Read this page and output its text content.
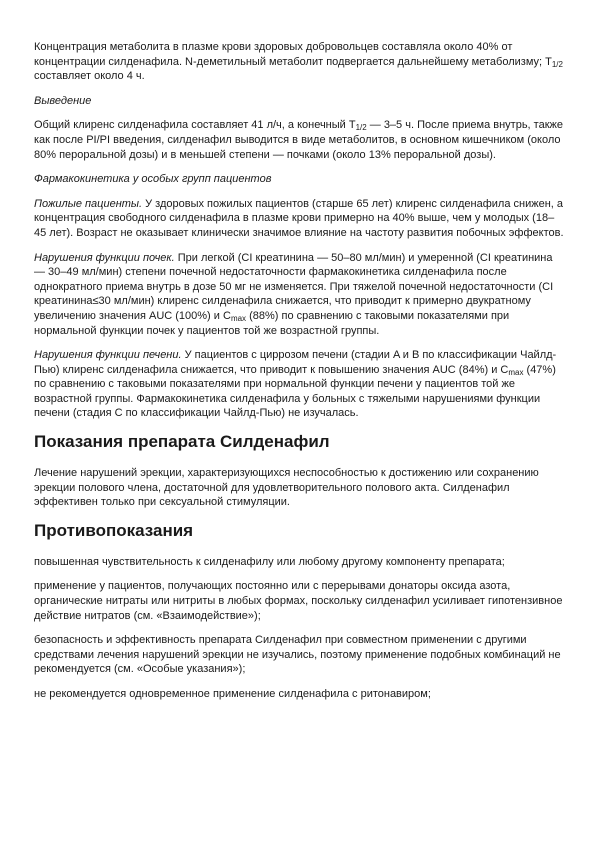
Концентрация метаболита в плазме крови здоровых добровольцев составляла около 40% от концентрации силденафила. N-деметильный метаболит подвергается дальнейшему метаболизму; $T_{1/2}$ составляет около 4 ч.

Выведение

Общий клиренс силденафила составляет 41 л/ч, а конечный $T_{1/2}$ — 3–5 ч. После приема внутрь, также как после PI/PI введения, силденафил выводится в виде метаболитов, в основном кишечником (около 80% пероральной дозы) и в меньшей степени — почками (около 13% пероральной дозы).

Фармакокинетика у особых групп пациентов

Пожилые пациенты. У здоровых пожилых пациентов (старше 65 лет) клиренс силденафила снижен, а концентрация свободного силденафила в плазме крови примерно на 40% выше, чем у молодых (18–45 лет). Возраст не оказывает клинически значимое влияние на частоту развития побочных эффектов.

Нарушения функции почек. При легкой (CI креатинина — 50–80 мл/мин) и умеренной (CI креатинина — 30–49 мл/мин) степени почечной недостаточности фармакокинетика силденафила после однократного приема внутрь в дозе 50 мг не изменяется. При тяжелой почечной недостаточности (CI креатинина≤30 мл/мин) клиренс силденафила снижается, что приводит к примерно двукратному увеличению значения AUC (100%) и $C_{max}$ (88%) по сравнению с таковыми показателями при нормальной функции почек у пациентов той же возрастной группы.

Нарушения функции печени. У пациентов с циррозом печени (стадии A и B по классификации Чайлд-Пью) клиренс силденафила снижается, что приводит к повышению значения AUC (84%) и $C_{max}$ (47%) по сравнению с таковыми показателями при нормальной функции печени у пациентов той же возрастной группы. Фармакокинетика силденафила у больных с тяжелыми нарушениями функции печени (стадия C по классификации Чайлд-Пью) не изучалась.

Показания препарата Силденафил

Лечение нарушений эрекции, характеризующихся неспособностью к достижению или сохранению эрекции полового члена, достаточной для удовлетворительного полового акта. Силденафил эффективен только при сексуальной стимуляции.

Противопоказания

повышенная чувствительность к силденафилу или любому другому компоненту препарата;

применение у пациентов, получающих постоянно или с перерывами донаторы оксида азота, органические нитраты или нитриты в любых формах, поскольку силденафил усиливает гипотензивное действие нитратов (см. «Взаимодействие»);

безопасность и эффективность препарата Силденафил при совместном применении с другими средствами лечения нарушений эрекции не изучались, поэтому применение подобных комбинаций не рекомендуется (см. «Особые указания»);

не рекомендуется одновременное применение силденафила с ритонавиром;
